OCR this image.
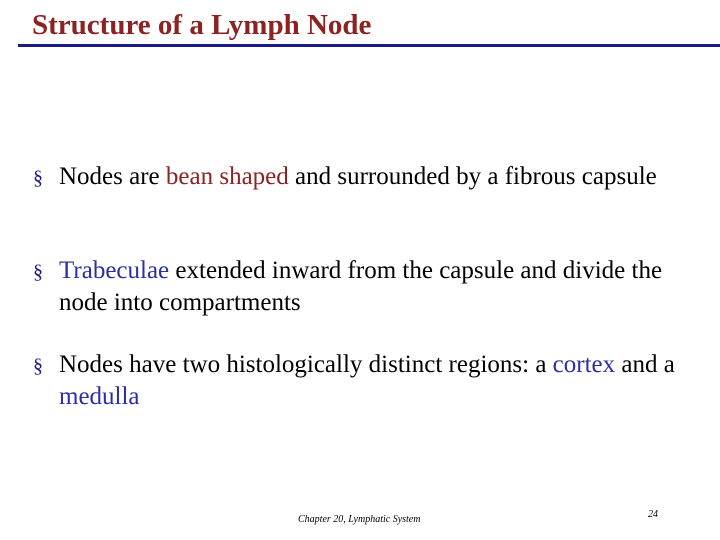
Structure of a Lymph Node
§ Nodes are bean shaped and surrounded by a fibrous capsule
§ Trabeculae extended inward from the capsule and divide the node into compartments
§ Nodes have two histologically distinct regions: a cortex and a medulla
Chapter 20, Lymphatic System	24
